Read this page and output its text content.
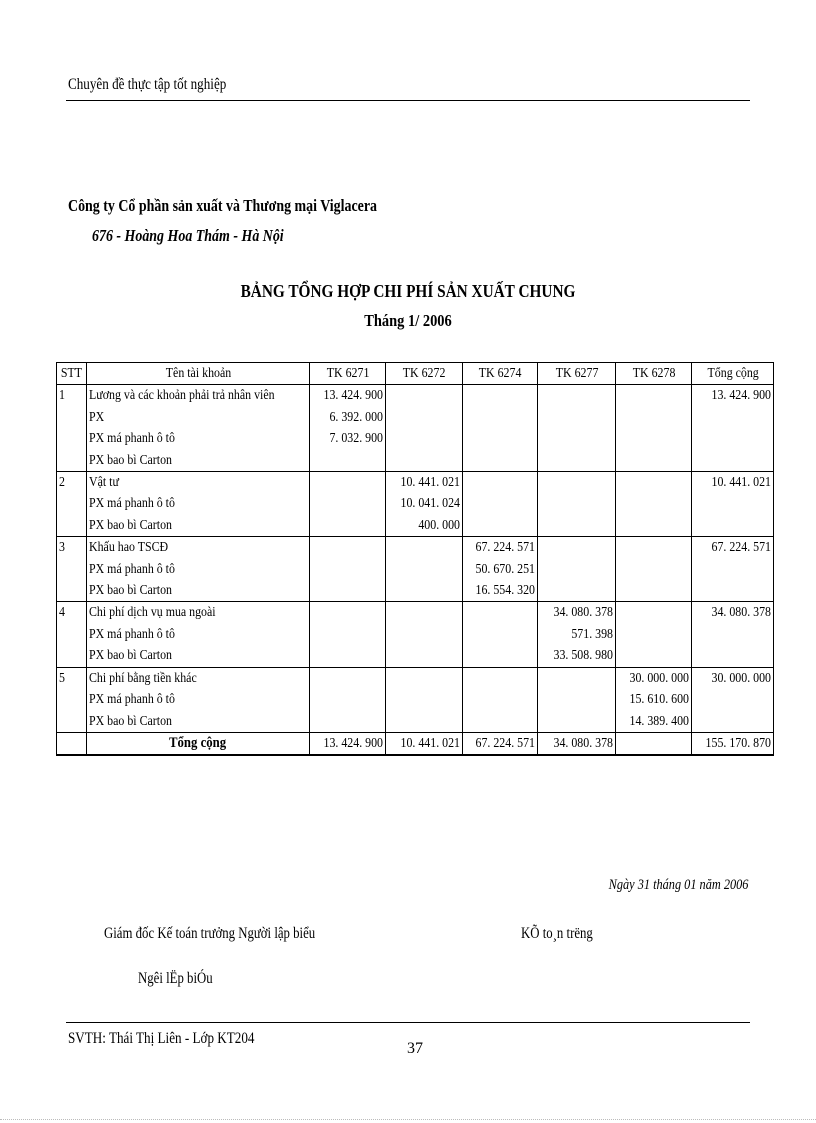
Chuyên đề thực tập tốt nghiệp
Công ty Cổ phần sản xuất và Thương mại Viglacera
676 - Hoàng Hoa Thám - Hà Nội
BẢNG TỔNG HỢP CHI PHÍ SẢN XUẤT CHUNG
Tháng 1/ 2006
STT	Tên tài khoản	TK 6271	TK 6272	TK 6274	TK 6277	TK 6278	Tổng cộng
1	Lương và các khoản phải trả nhân viên	13. 424. 900					13. 424. 900
	PX	6. 392. 000					
	PX má phanh ô tô	7. 032. 900					
	PX bao bì Carton						
2	Vật tư		10. 441. 021				10. 441. 021
	PX má phanh ô tô		10. 041. 024				
	PX bao bì Carton		400. 000				
3	Khấu hao TSCĐ			67. 224. 571			67. 224. 571
	PX má phanh ô tô			50. 670. 251			
	PX bao bì Carton			16. 554. 320			
4	Chi phí dịch vụ mua ngoài				34. 080. 378		34. 080. 378
	PX má phanh ô tô				571. 398		
	PX bao bì Carton				33. 508. 980		
5	Chi phí bằng tiền khác					30. 000. 000	30. 000. 000
	PX má phanh ô tô					15. 610. 600	
	PX bao bì Carton					14. 389. 400	
	Tổng cộng	13. 424. 900	10. 441. 021	67. 224. 571	34. 080. 378		155. 170. 870
Ngày 31 tháng 01 năm 2006
Giám đốc Kế toán trưởng Người lập biểu	KÕ to¸n trëng
Ngêi lËp biÓu
SVTH: Thái Thị Liên - Lớp KT204
37
